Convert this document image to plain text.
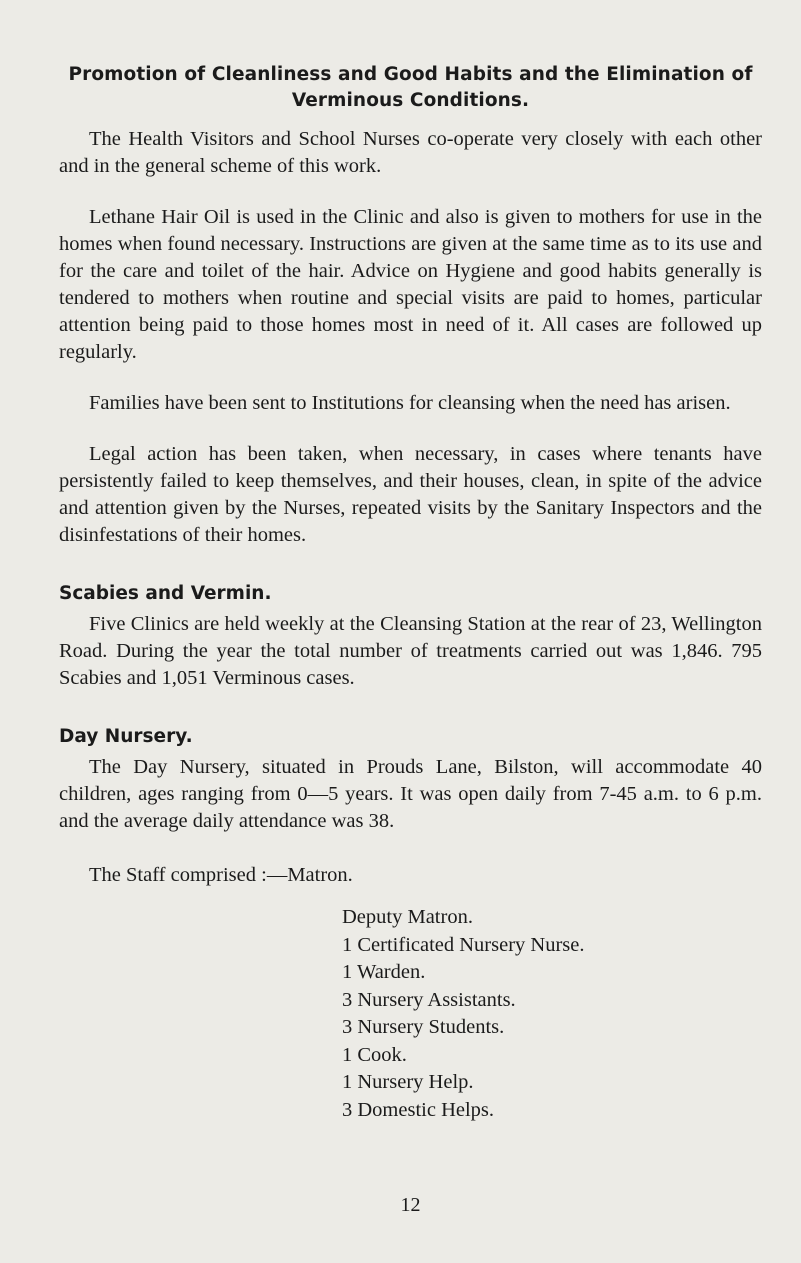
Promotion of Cleanliness and Good Habits and the Elimination of Verminous Conditions.

The Health Visitors and School Nurses co-operate very closely with each other and in the general scheme of this work.

Lethane Hair Oil is used in the Clinic and also is given to mothers for use in the homes when found necessary. Instructions are given at the same time as to its use and for the care and toilet of the hair. Advice on Hygiene and good habits generally is tendered to mothers when routine and special visits are paid to homes, particular attention being paid to those homes most in need of it. All cases are followed up regularly.

Families have been sent to Institutions for cleansing when the need has arisen.

Legal action has been taken, when necessary, in cases where tenants have persistently failed to keep themselves, and their houses, clean, in spite of the advice and attention given by the Nurses, repeated visits by the Sanitary Inspectors and the disinfestations of their homes.

Scabies and Vermin.

Five Clinics are held weekly at the Cleansing Station at the rear of 23, Wellington Road. During the year the total number of treatments carried out was 1,846. 795 Scabies and 1,051 Verminous cases.

Day Nursery.

The Day Nursery, situated in Prouds Lane, Bilston, will accommodate 40 children, ages ranging from 0—5 years. It was open daily from 7-45 a.m. to 6 p.m. and the average daily attendance was 38.

The Staff comprised :—Matron.
Deputy Matron.
1 Certificated Nursery Nurse.
1 Warden.
3 Nursery Assistants.
3 Nursery Students.
1 Cook.
1 Nursery Help.
3 Domestic Helps.
12
